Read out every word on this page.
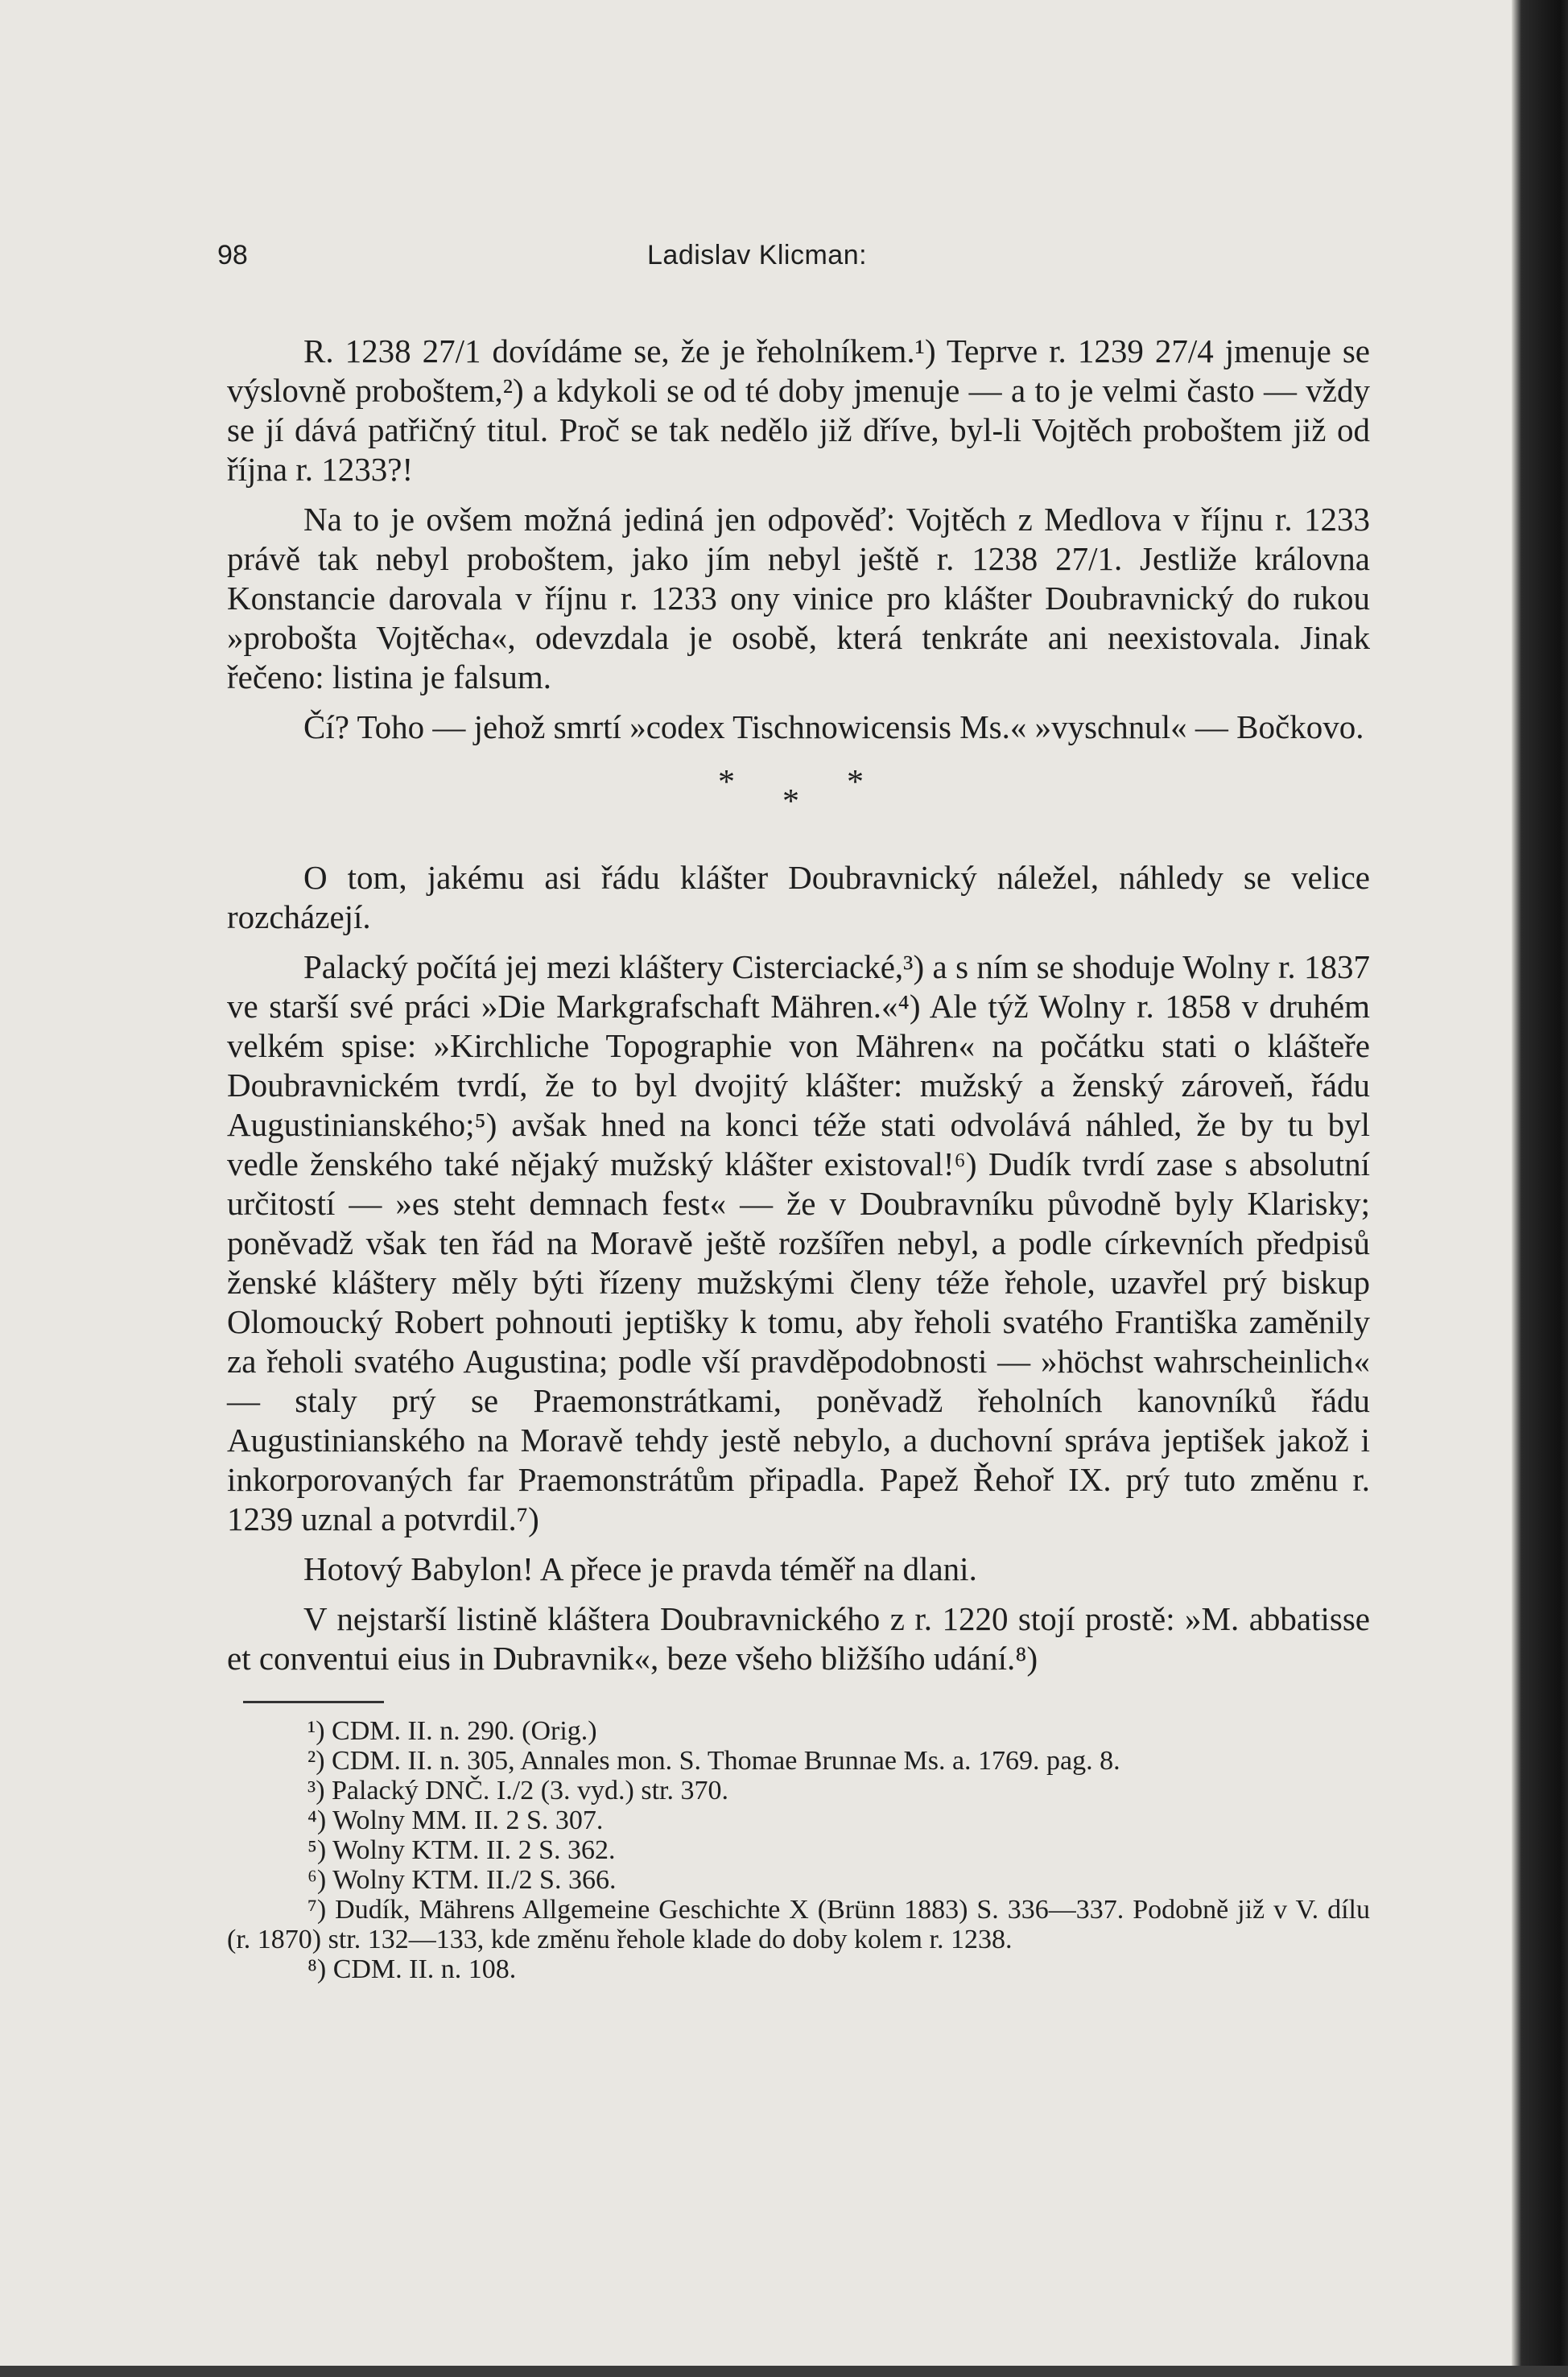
98	Ladislav Klicman:

R. 1238 27/1 dovídáme se, že je řeholníkem.¹) Teprve r. 1239 27/4 jmenuje se výslovně proboštem,²) a kdykoli se od té doby jmenuje — a to je velmi často — vždy se jí dává patřičný titul. Proč se tak nedělo již dříve, byl-li Vojtěch proboštem již od října r. 1233?!

Na to je ovšem možná jediná jen odpověď: Vojtěch z Medlova v říjnu r. 1233 právě tak nebyl proboštem, jako jím nebyl ještě r. 1238 27/1. Jestliže královna Konstancie darovala v říjnu r. 1233 ony vinice pro klášter Doubravnický do rukou »probošta Vojtěcha«, odevzdala je osobě, která tenkráte ani neexistovala. Jinak řečeno: listina je falsum.

Čí? Toho — jehož smrtí »codex Tischnowicensis Ms.« »vyschnul« — Bočkovo.

*
*
*

O tom, jakému asi řádu klášter Doubravnický náležel, náhledy se velice rozcházejí.

Palacký počítá jej mezi kláštery Cisterciacké,³) a s ním se shoduje Wolny r. 1837 ve starší své práci »Die Markgrafschaft Mähren.«⁴) Ale týž Wolny r. 1858 v druhém velkém spise: »Kirchliche Topographie von Mähren« na počátku stati o klášteře Doubravnickém tvrdí, že to byl dvojitý klášter: mužský a ženský zároveň, řádu Augustinianského;⁵) avšak hned na konci téže stati odvolává náhled, že by tu byl vedle ženského také nějaký mužský klášter existoval!⁶) Dudík tvrdí zase s absolutní určitostí — »es steht demnach fest« — že v Doubravníku původně byly Klarisky; poněvadž však ten řád na Moravě ještě rozšířen nebyl, a podle církevních předpisů ženské kláštery měly býti řízeny mužskými členy téže řehole, uzavřel prý biskup Olomoucký Robert pohnouti jeptišky k tomu, aby řeholi svatého Františka zaměnily za řeholi svatého Augustina; podle vší pravděpodobnosti — »höchst wahrscheinlich« — staly prý se Praemonstrátkami, poněvadž řeholních kanovníků řádu Augustinianského na Moravě tehdy jestě nebylo, a duchovní správa jeptišek jakož i inkorporovaných far Praemonstrátům připadla. Papež Řehoř IX. prý tuto změnu r. 1239 uznal a potvrdil.⁷)

Hotový Babylon! A přece je pravda téměř na dlani.

V nejstarší listině kláštera Doubravnického z r. 1220 stojí prostě: »M. abbatisse et conventui eius in Dubravnik«, beze všeho bližšího udání.⁸)

¹) CDM. II. n. 290. (Orig.)
²) CDM. II. n. 305, Annales mon. S. Thomae Brunnae Ms. a. 1769. pag. 8.
³) Palacký DNČ. I./2 (3. vyd.) str. 370.
⁴) Wolny MM. II. 2 S. 307.
⁵) Wolny KTM. II. 2 S. 362.
⁶) Wolny KTM. II./2 S. 366.
⁷) Dudík, Mährens Allgemeine Geschichte X (Brünn 1883) S. 336—337. Podobně již v V. dílu (r. 1870) str. 132—133, kde změnu řehole klade do doby kolem r. 1238.
⁸) CDM. II. n. 108.
